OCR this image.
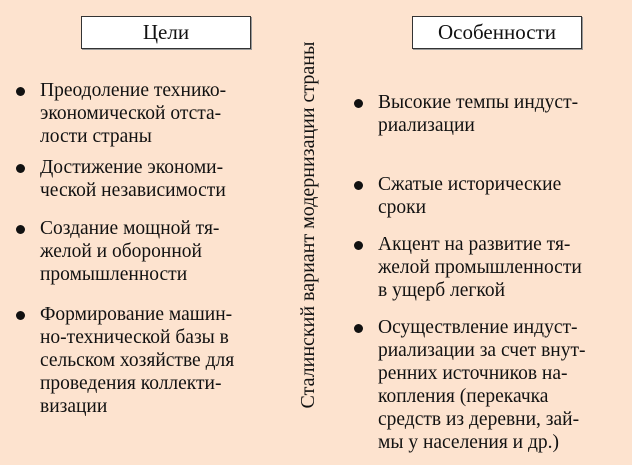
Цели	Особенности
Сталинский вариант модернизации страны
Преодоление технико-
экономической отста-
лости страны
Достижение экономи-
ческой независимости
Создание мощной тя-
желой и оборонной
промышленности
Формирование машин-
но-технической базы в
сельском хозяйстве для
проведения коллекти-
визации
Высокие темпы индуст-
риализации
Сжатые исторические
сроки
Акцент на развитие тя-
желой промышленности
в ущерб легкой
Осуществление индуст-
риализации за счет внут-
ренних источников на-
копления (перекачка
средств из деревни, зай-
мы у населения и др.)
